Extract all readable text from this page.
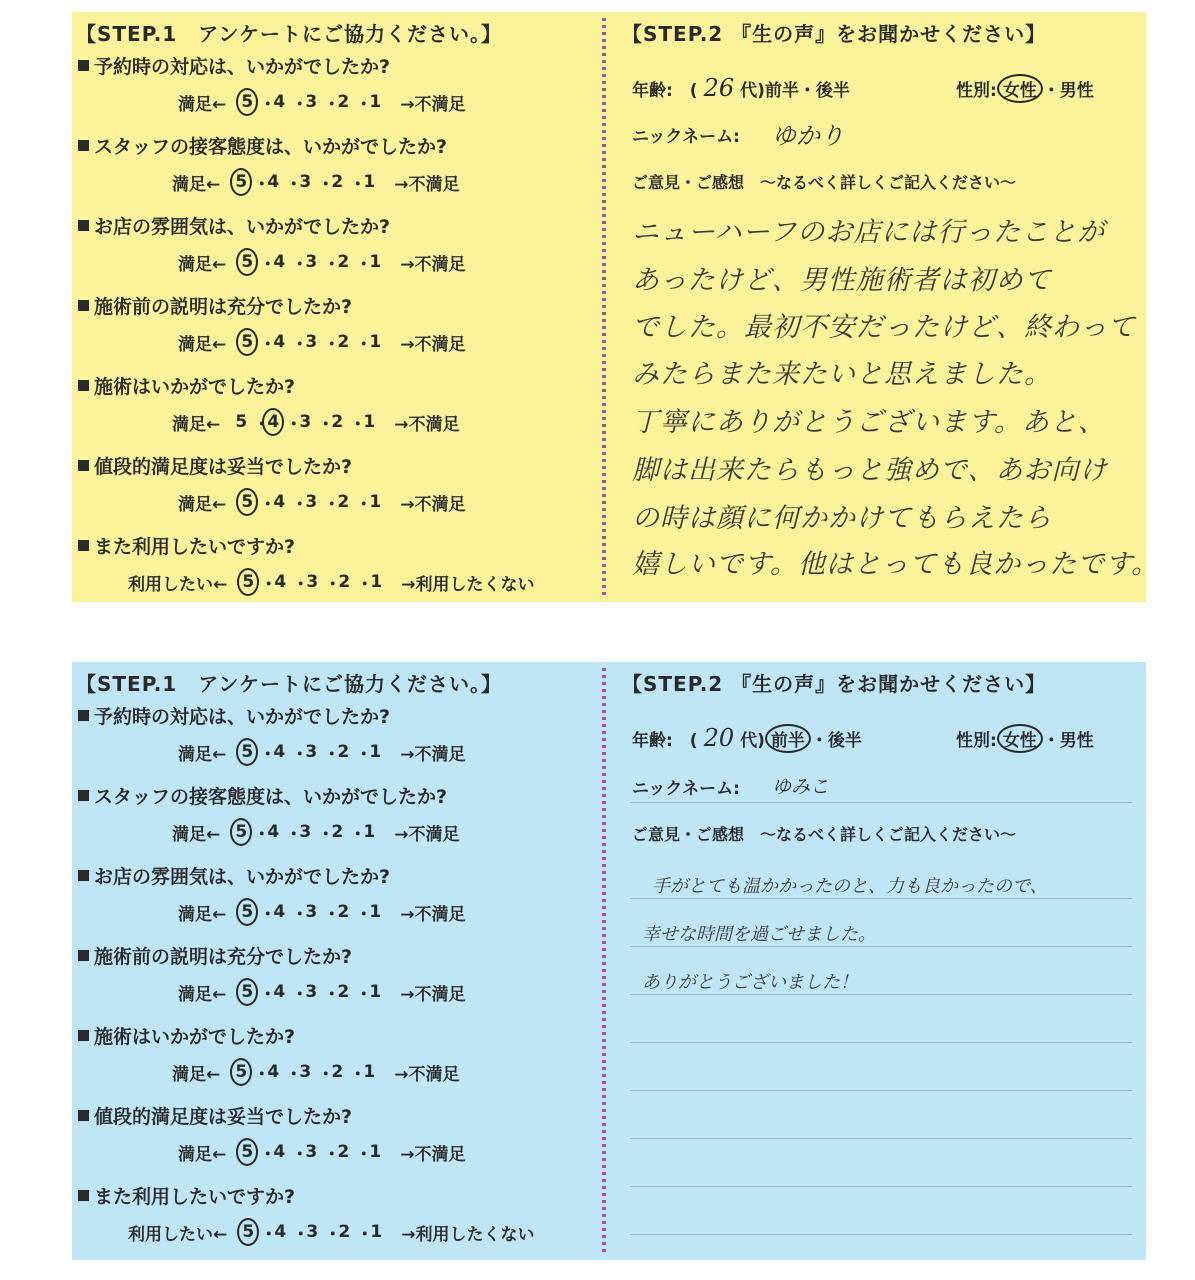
【STEP.1　アンケートにご協力ください。】
予約時の対応は、いかがでしたか?
満足← 5 ・
4 ・
3 ・
2 ・
1 →不満足
スタッフの接客態度は、いかがでしたか?
満足← 5 ・
4 ・
3 ・
2 ・
1 →不満足
お店の雰囲気は、いかがでしたか?
満足← 5 ・
4 ・
3 ・
2 ・
1 →不満足
施術前の説明は充分でしたか?
満足← 5 ・
4 ・
3 ・
2 ・
1 →不満足
施術はいかがでしたか?
満足← 5 ・
4 ・
3 ・
2 ・
1 →不満足
値段的満足度は妥当でしたか?
満足← 5 ・
4 ・
3 ・
2 ・
1 →不満足
また利用したいですか?
利用したい← 5 ・
4 ・
3 ・
2 ・
1 →利用したくない
【STEP.2 『生の声』をお聞かせください】
年齢:　( 26 代)前半・後半	性別: 女性 ・男性
ニックネーム: ゆかり
ご意見・ご感想　～なるべく詳しくご記入ください～
ニューハーフのお店には行ったことが
あったけど、男性施術者は初めて
でした。最初不安だったけど、終わって
みたらまた来たいと思えました。
丁寧にありがとうございます。あと、
脚は出来たらもっと強めで、あお向け
の時は顔に何かかけてもらえたら
嬉しいです。他はとっても良かったです。
【STEP.1　アンケートにご協力ください。】
予約時の対応は、いかがでしたか?
満足← 5 ・
4 ・
3 ・
2 ・
1 →不満足
スタッフの接客態度は、いかがでしたか?
満足← 5 ・
4 ・
3 ・
2 ・
1 →不満足
お店の雰囲気は、いかがでしたか?
満足← 5 ・
4 ・
3 ・
2 ・
1 →不満足
施術前の説明は充分でしたか?
満足← 5 ・
4 ・
3 ・
2 ・
1 →不満足
施術はいかがでしたか?
満足← 5 ・
4 ・
3 ・
2 ・
1 →不満足
値段的満足度は妥当でしたか?
満足← 5 ・
4 ・
3 ・
2 ・
1 →不満足
また利用したいですか?
利用したい← 5 ・
4 ・
3 ・
2 ・
1 →利用したくない
【STEP.2 『生の声』をお聞かせください】
年齢:　( 20 代) 前半 ・後半	性別: 女性 ・男性
ニックネーム: ゆみこ
ご意見・ご感想　～なるべく詳しくご記入ください～
手がとても温かかったのと、力も良かったので、
幸せな時間を過ごせました。
ありがとうございました！
